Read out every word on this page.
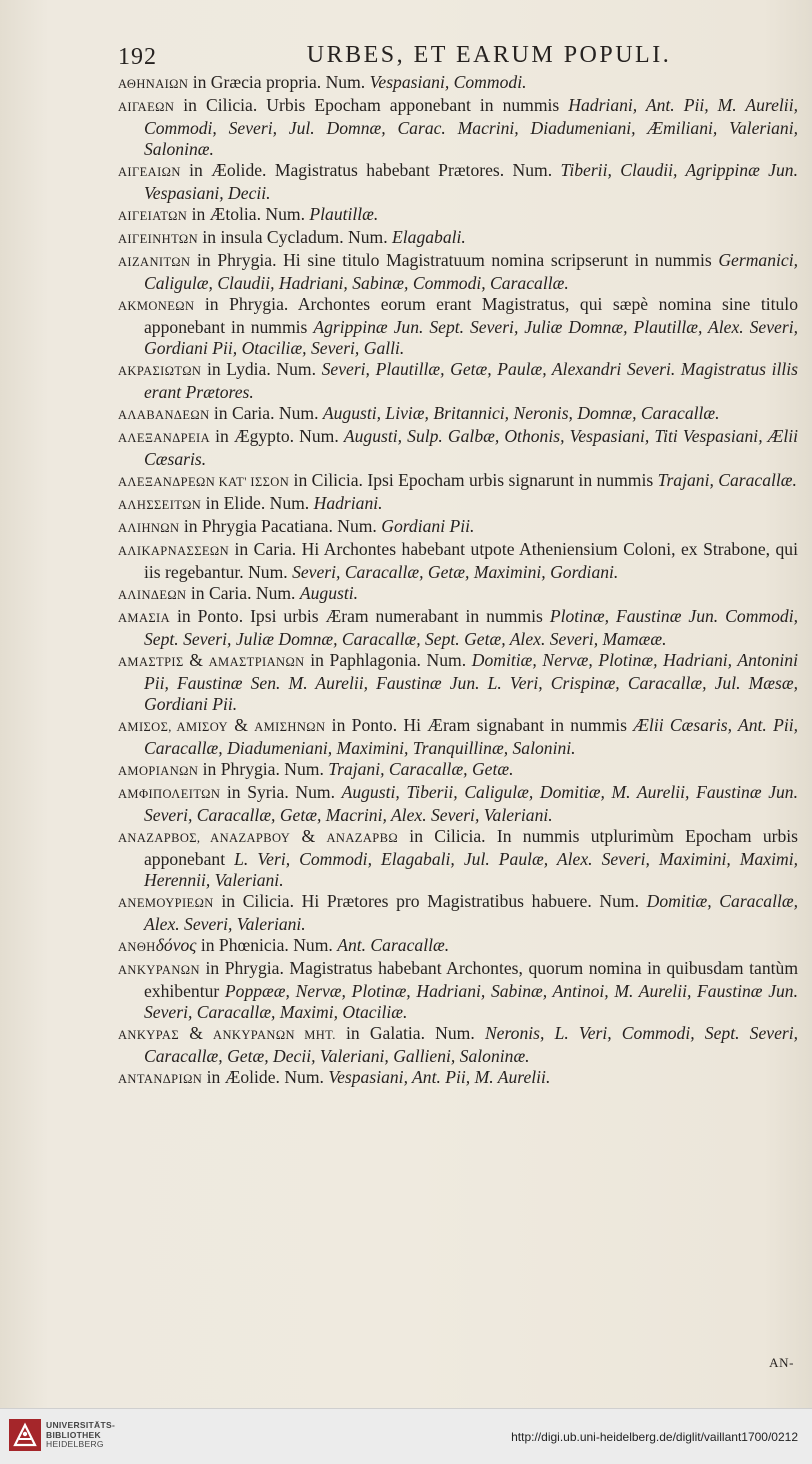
192	URBES, ET EARUM POPULI.

ΑΘΗΝΑΙΩΝ in Græcia propria. Num. Vespasiani, Commodi.

ΑΙΓΑΕΩΝ in Cilicia. Urbis Epocham apponebant in nummis Hadriani, Ant. Pii, M. Aurelii, Commodi, Severi, Jul. Domnæ, Carac. Macrini, Diadumeniani, Æmiliani, Valeriani, Saloninæ.

ΑΙΓΕΑΙΩΝ in Æolide. Magistratus habebant Prætores. Num. Tiberii, Claudii, Agrippinæ Jun. Vespasiani, Decii.

ΑΙΓΕΙΑΤΩΝ in Ætolia. Num. Plautillæ.

ΑΙΓΕΙΝΗΤΩΝ in insula Cycladum. Num. Elagabali.

ΑΙΖΑΝΙΤΩΝ in Phrygia. Hi sine titulo Magistratuum nomina scripserunt in nummis Germanici, Caligulæ, Claudii, Hadriani, Sabinæ, Commodi, Caracallæ.

ΑΚΜΟΝΕΩΝ in Phrygia. Archontes eorum erant Magistratus, qui sæpè nomina sine titulo apponebant in nummis Agrippinæ Jun. Sept. Severi, Juliæ Domnæ, Plautillæ, Alex. Severi, Gordiani Pii, Otaciliæ, Severi, Galli.

ΑΚΡΑΣΙΩΤΩΝ in Lydia. Num. Severi, Plautillæ, Getæ, Paulæ, Alexandri Severi. Magistratus illis erant Prætores.

ΑΛΑΒΑΝΔΕΩΝ in Caria. Num. Augusti, Liviæ, Britannici, Neronis, Domnæ, Caracallæ.

ΑΛΕΞΑΝΔΡΕΙΑ in Ægypto. Num. Augusti, Sulp. Galbæ, Othonis, Vespasiani, Titi Vespasiani, Ælii Cæsaris.

ΑΛΕΞΑΝΔΡΕΩΝ ΚΑΤ' ΙΣΣΟΝ in Cilicia. Ipsi Epocham urbis signarunt in nummis Trajani, Caracallæ.

ΑΛΗΣΣΕΙΤΩΝ in Elide. Num. Hadriani.

ΑΛΙΗΝΩΝ in Phrygia Pacatiana. Num. Gordiani Pii.

ΑΛΙΚΑΡΝΑΣΣΕΩΝ in Caria. Hi Archontes habebant utpote Atheniensium Coloni, ex Strabone, qui iis regebantur. Num. Severi, Caracallæ, Getæ, Maximini, Gordiani.

ΑΛΙΝΔΕΩΝ in Caria. Num. Augusti.

ΑΜΑΣΙΑ in Ponto. Ipsi urbis Æram numerabant in nummis Plotinæ, Faustinæ Jun. Commodi, Sept. Severi, Juliæ Domnæ, Caracallæ, Sept. Getæ, Alex. Severi, Mamææ.

ΑΜΑΣΤΡΙΣ & ΑΜΑΣΤΡΙΑΝΩΝ in Paphlagonia. Num. Domitiæ, Nervæ, Plotinæ, Hadriani, Antonini Pii, Faustinæ Sen. M. Aurelii, Faustinæ Jun. L. Veri, Crispinæ, Caracallæ, Jul. Mæsæ, Gordiani Pii.

ΑΜΙΣΟΣ, ΑΜΙΣΟΥ & ΑΜΙΣΗΝΩΝ in Ponto. Hi Æram signabant in nummis Ælii Cæsaris, Ant. Pii, Caracallæ, Diadumeniani, Maximini, Tranquillinæ, Salonini.

ΑΜΟΡΙΑΝΩΝ in Phrygia. Num. Trajani, Caracallæ, Getæ.

ΑΜΦΙΠΟΛΕΙΤΩΝ in Syria. Num. Augusti, Tiberii, Caligulæ, Domitiæ, M. Aurelii, Faustinæ Jun. Severi, Caracallæ, Getæ, Macrini, Alex. Severi, Valeriani.

ΑΝΑΖΑΡΒΟΣ, ΑΝΑΖΑΡΒΟΥ & ΑΝΑΖΑΡΒΩ in Cilicia. In nummis utplurimùm Epocham urbis apponebant L. Veri, Commodi, Elagabali, Jul. Paulæ, Alex. Severi, Maximini, Maximi, Herennii, Valeriani.

ΑΝΕΜΟΥΡΙΕΩΝ in Cilicia. Hi Prætores pro Magistratibus habuere. Num. Domitiæ, Caracallæ, Alex. Severi, Valeriani.

ΑΝΘΗδόνος in Phœnicia. Num. Ant. Caracallæ.

ΑΝΚΥΡΑΝΩΝ in Phrygia. Magistratus habebant Archontes, quorum nomina in quibusdam tantùm exhibentur Poppææ, Nervæ, Plotinæ, Hadriani, Sabinæ, Antinoi, M. Aurelii, Faustinæ Jun. Severi, Caracallæ, Maximi, Otaciliæ.

ΑΝΚΥΡΑΣ & ΑΝΚΥΡΑΝΩΝ ΜΗΤ. in Galatia. Num. Neronis, L. Veri, Commodi, Sept. Severi, Caracallæ, Getæ, Decii, Valeriani, Gallieni, Saloninæ.

ΑΝΤΑΝΔΡΙΩΝ in Æolide. Num. Vespasiani, Ant. Pii, M. Aurelii.

AN-
UNIVERSITÄTS-
BIBLIOTHEK
HEIDELBERG	http://digi.ub.uni-heidelberg.de/diglit/vaillant1700/0212
